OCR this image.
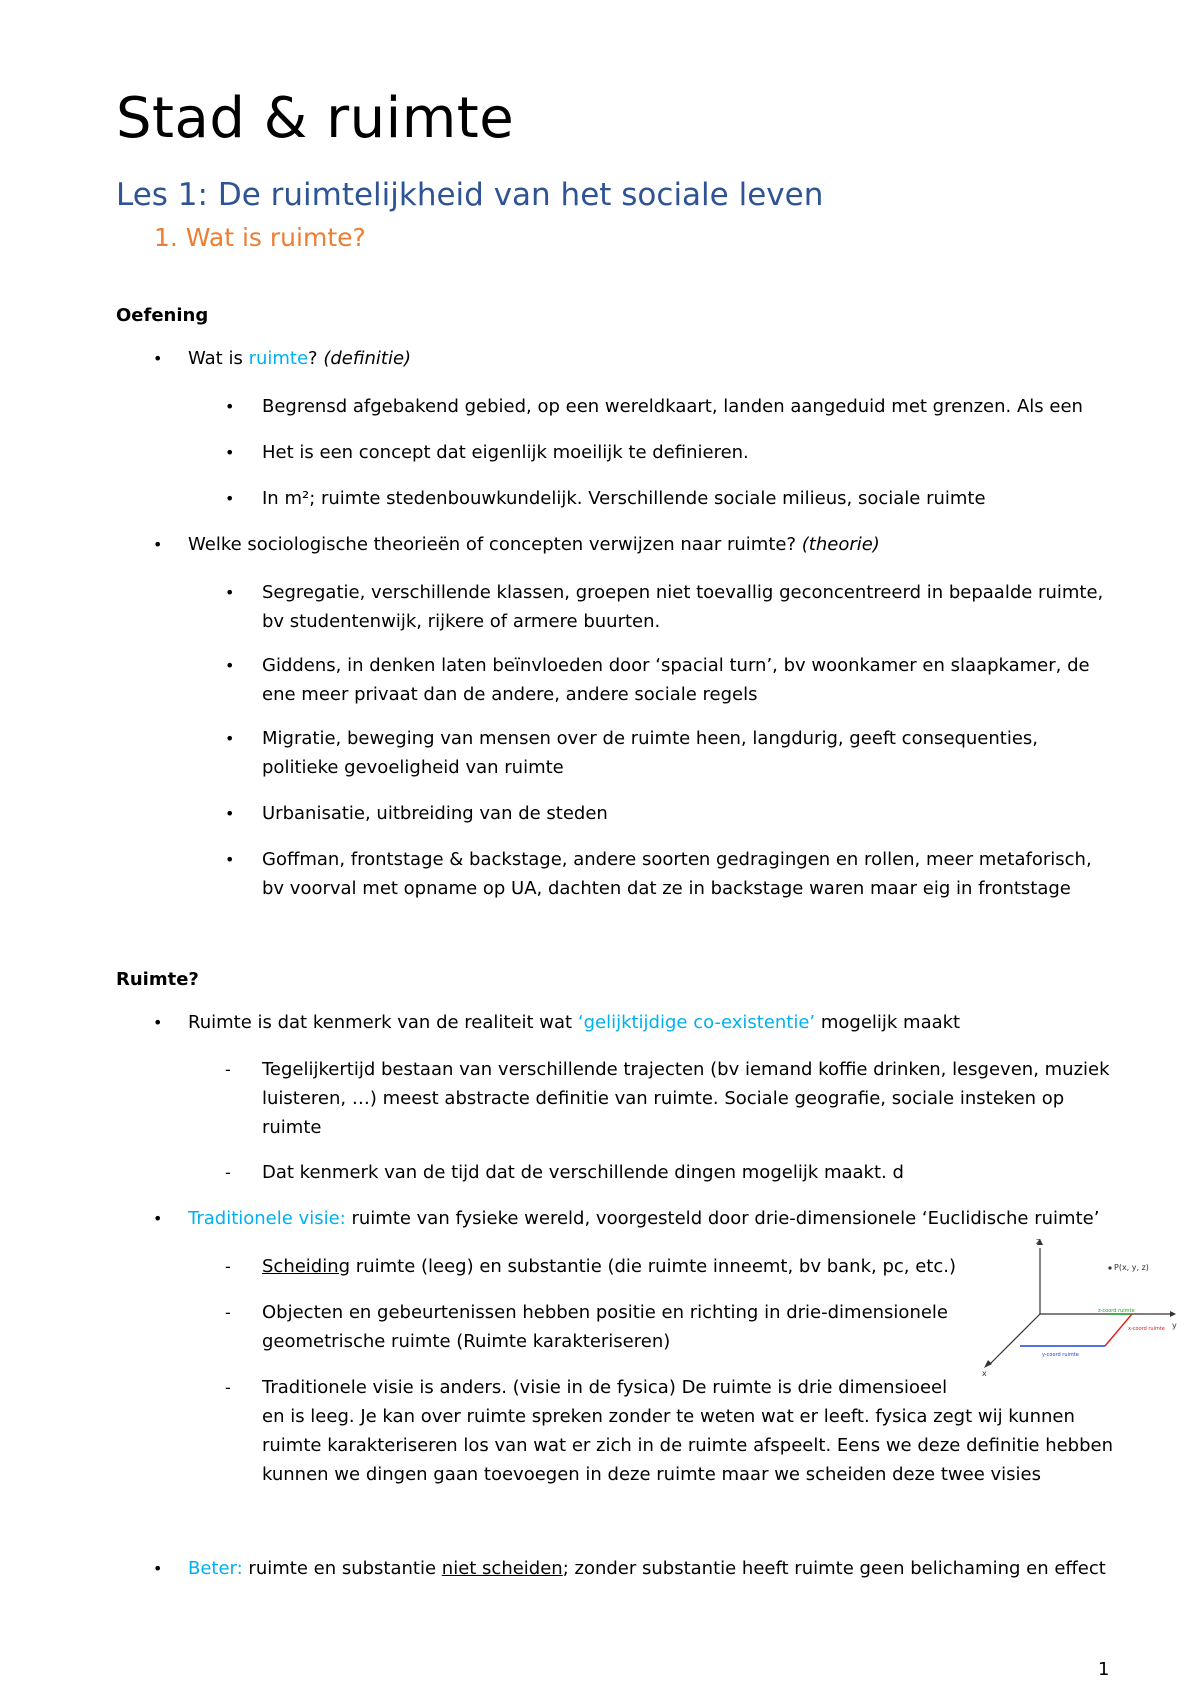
Stad & ruimte
Les 1: De ruimtelijkheid van het sociale leven
1. Wat is ruimte?
Oefening
• Wat is ruimte? (definitie)
• Begrensd afgebakend gebied, op een wereldkaart, landen aangeduid met grenzen. Als een
• Het is een concept dat eigenlijk moeilijk te definieren.
• In m²; ruimte stedenbouwkundelijk. Verschillende sociale milieus, sociale ruimte
• Welke sociologische theorieën of concepten verwijzen naar ruimte? (theorie)
• Segregatie, verschillende klassen, groepen niet toevallig geconcentreerd in bepaalde ruimte,
bv studentenwijk, rijkere of armere buurten.
• Giddens, in denken laten beïnvloeden door ‘spacial turn’, bv woonkamer en slaapkamer, de
ene meer privaat dan de andere, andere sociale regels
• Migratie, beweging van mensen over de ruimte heen, langdurig, geeft consequenties,
politieke gevoeligheid van ruimte
• Urbanisatie, uitbreiding van de steden
• Goffman, frontstage & backstage, andere soorten gedragingen en rollen, meer metaforisch,
bv voorval met opname op UA, dachten dat ze in backstage waren maar eig in frontstage
Ruimte?
• Ruimte is dat kenmerk van de realiteit wat ‘gelijktijdige co-existentie’ mogelijk maakt
- Tegelijkertijd bestaan van verschillende trajecten (bv iemand koffie drinken, lesgeven, muziek
luisteren, …) meest abstracte definitie van ruimte. Sociale geografie, sociale insteken op
ruimte
- Dat kenmerk van de tijd dat de verschillende dingen mogelijk maakt. d
• Traditionele visie: ruimte van fysieke wereld, voorgesteld door drie-dimensionele ‘Euclidische ruimte’
- Scheiding ruimte (leeg) en substantie (die ruimte inneemt, bv bank, pc, etc.)
- Objecten en gebeurtenissen hebben positie en richting in drie-dimensionele
geometrische ruimte (Ruimte karakteriseren)
- Traditionele visie is anders. (visie in de fysica) De ruimte is drie dimensioeel
en is leeg. Je kan over ruimte spreken zonder te weten wat er leeft. fysica zegt wij kunnen
ruimte karakteriseren los van wat er zich in de ruimte afspeelt. Eens we deze definitie hebben
kunnen we dingen gaan toevoegen in deze ruimte maar we scheiden deze twee visies
• Beter: ruimte en substantie niet scheiden; zonder substantie heeft ruimte geen belichaming en effect
z
y
x
P(x, y, z)
z-coord ruimte
x-coord ruimte
y-coord ruimte
1
